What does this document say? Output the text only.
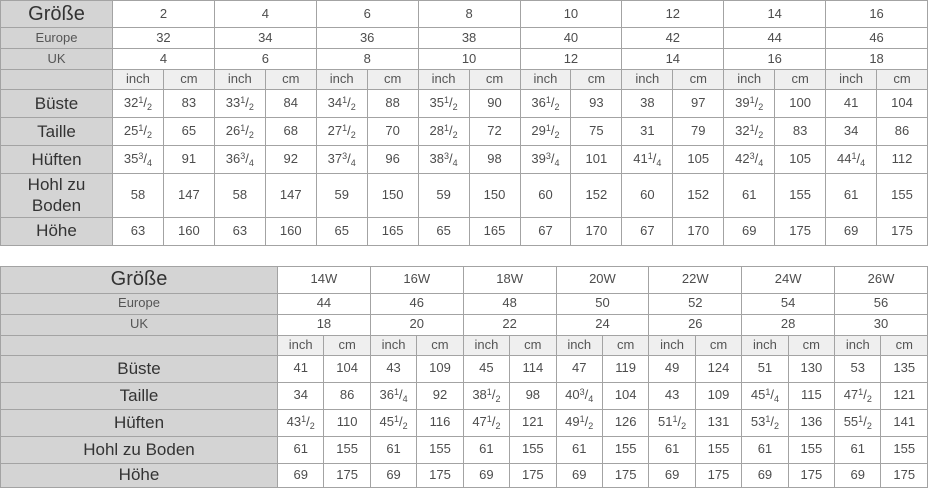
Größe	2		4		6		8		10		12		14		16	
Europe	32		34		36		38		40		42		44		46	
UK	4		6		8		10		12		14		16		18	
	inch	cm	inch	cm	inch	cm	inch	cm	inch	cm	inch	cm	inch	cm	inch	cm
Büste	$32^1/_2$	83	$33^1/_2$	84	$34^1/_2$	88	$35^1/_2$	90	$36^1/_2$	93	38	97	$39^1/_2$	100	41	104
Taille	$25^1/_2$	65	$26^1/_2$	68	$27^1/_2$	70	$28^1/_2$	72	$29^1/_2$	75	31	79	$32^1/_2$	83	34	86
Hüften	$35^3/_4$	91	$36^3/_4$	92	$37^3/_4$	96	$38^3/_4$	98	$39^3/_4$	101	$41^1/_4$	105	$42^3/_4$	105	$44^1/_4$	112
Hohl zu Boden	58	147	58	147	59	150	59	150	60	152	60	152	61	155	61	155
Höhe	63	160	63	160	65	165	65	165	67	170	67	170	69	175	69	175
Größe	14W		16W		18W		20W		22W		24W		26W	
Europe	44		46		48		50		52		54		56	
UK	18		20		22		24		26		28		30	
	inch	cm	inch	cm	inch	cm	inch	cm	inch	cm	inch	cm	inch	cm
Büste	41	104	43	109	45	114	47	119	49	124	51	130	53	135
Taille	34	86	$36^1/_4$	92	$38^1/_2$	98	$40^3/_4$	104	43	109	$45^1/_4$	115	$47^1/_2$	121
Hüften	$43^1/_2$	110	$45^1/_2$	116	$47^1/_2$	121	$49^1/_2$	126	$51^1/_2$	131	$53^1/_2$	136	$55^1/_2$	141
Hohl zu Boden	61	155	61	155	61	155	61	155	61	155	61	155	61	155
Höhe	69	175	69	175	69	175	69	175	69	175	69	175	69	175
